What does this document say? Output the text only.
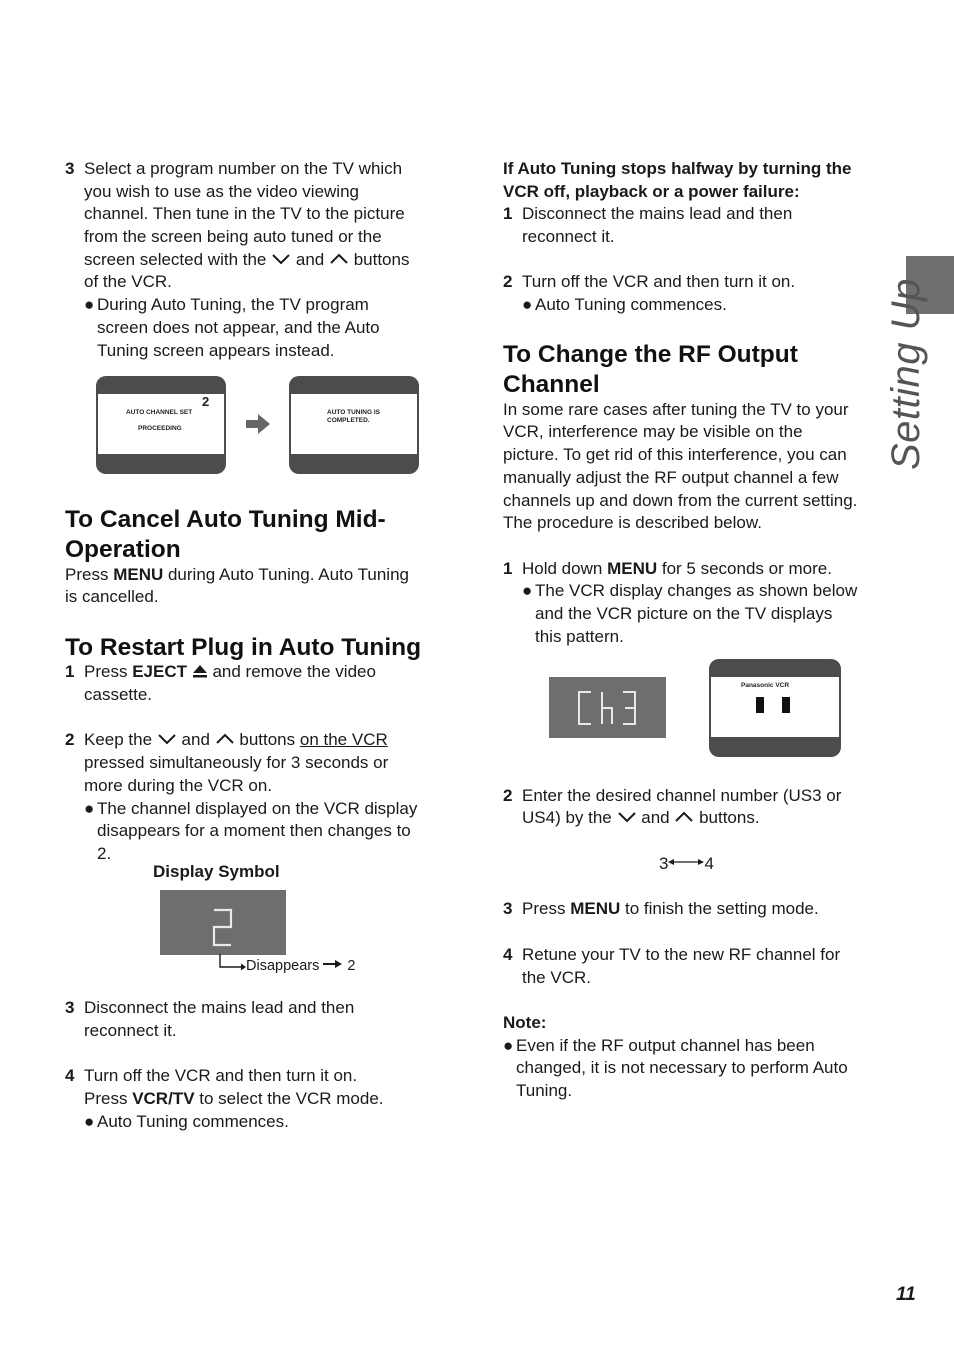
Setting Up
3 Select a program number on the TV which
you wish to use as the video viewing
channel. Then tune in the TV to the picture
from the screen being auto tuned or the
screen selected with the and buttons
of the VCR.
● During Auto Tuning, the TV program
screen does not appear, and the Auto
Tuning screen appears instead.
2
AUTO CHANNEL SET
PROCEEDING
END	: MENU
AUTO TUNING IS
COMPLETED.
END: MENU
To Cancel Auto Tuning Mid-
Operation
Press MENU during Auto Tuning. Auto Tuning
is cancelled.
To Restart Plug in Auto Tuning
1 Press EJECT  and remove the video
cassette.
2 Keep the and buttons on the VCR
pressed simultaneously for 3 seconds or
more during the VCR on.
● The channel displayed on the VCR display
disappears for a moment then changes to
2.
Display Symbol
Disappears 2
3 Disconnect the mains lead and then
reconnect it.
4 Turn off the VCR and then turn it on.
Press VCR/TV to select the VCR mode.
● Auto Tuning commences.
If Auto Tuning stops halfway by turning the
VCR off, playback or a power failure:
1 Disconnect the mains lead and then
reconnect it.
2 Turn off the VCR and then turn it on.
● Auto Tuning commences.
To Change the RF Output
Channel
In some rare cases after tuning the TV to your
VCR, interference may be visible on the
picture. To get rid of this interference, you can
manually adjust the RF output channel a few
channels up and down from the current setting.
The procedure is described below.
1 Hold down MENU for 5 seconds or more.
● The VCR display changes as shown below
and the VCR picture on the TV displays
this pattern.
Panasonic VCR
END: MENU
2 Enter the desired channel number (US3 or
US4) by the and buttons.
3 4
3 Press MENU to finish the setting mode.
4 Retune your TV to the new RF channel for
the VCR.
Note:
● Even if the RF output channel has been
changed, it is not necessary to perform Auto
Tuning.
11
